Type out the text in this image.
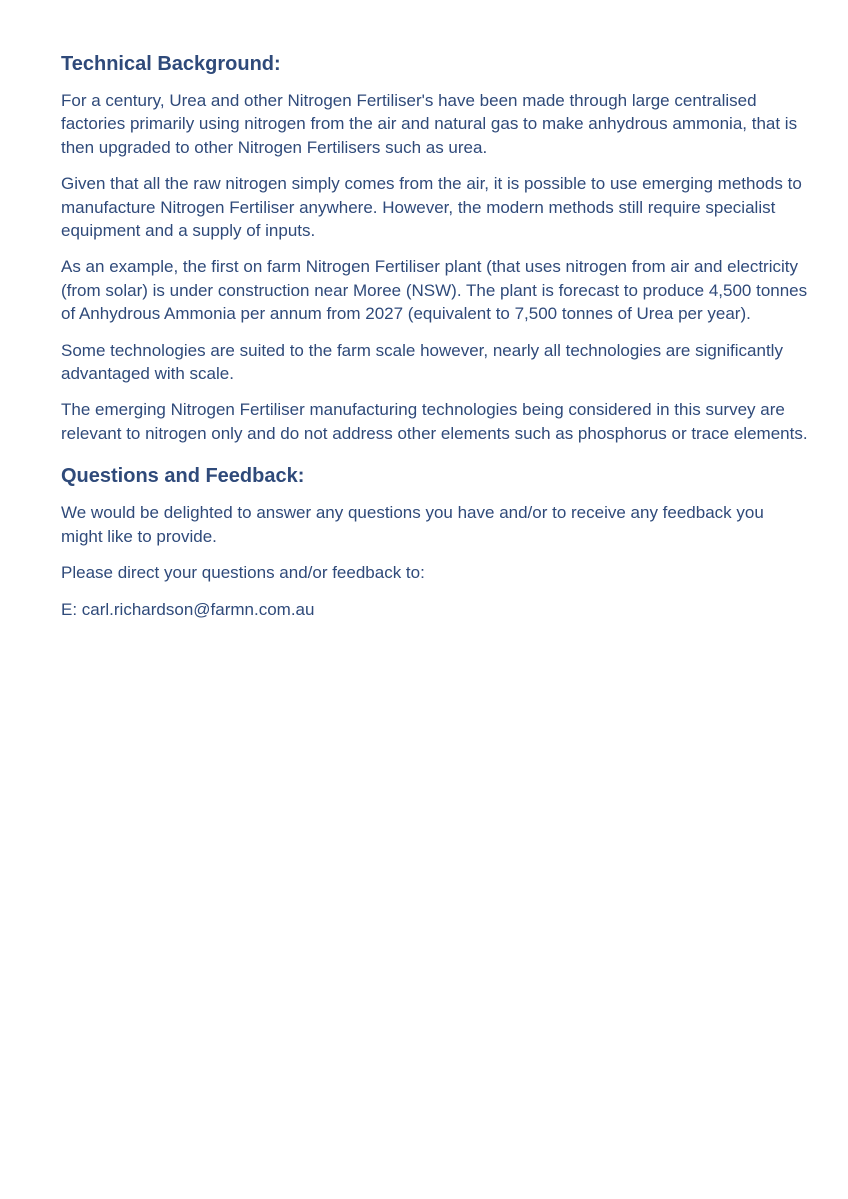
Technical Background:

For a century, Urea and other Nitrogen Fertiliser's have been made through large centralised factories primarily using nitrogen from the air and natural gas to make anhydrous ammonia, that is then upgraded to other Nitrogen Fertilisers such as urea.

Given that all the raw nitrogen simply comes from the air, it is possible to use emerging methods to manufacture Nitrogen Fertiliser anywhere. However, the modern methods still require specialist equipment and a supply of inputs.

As an example, the first on farm Nitrogen Fertiliser plant (that uses nitrogen from air and electricity (from solar) is under construction near Moree (NSW). The plant is forecast to produce 4,500 tonnes of Anhydrous Ammonia per annum from 2027 (equivalent to 7,500 tonnes of Urea per year).

Some technologies are suited to the farm scale however, nearly all technologies are significantly advantaged with scale.

The emerging Nitrogen Fertiliser manufacturing technologies being considered in this survey are relevant to nitrogen only and do not address other elements such as phosphorus or trace elements.

Questions and Feedback:

We would be delighted to answer any questions you have and/or to receive any feedback you might like to provide.

Please direct your questions and/or feedback to:

E: carl.richardson@farmn.com.au
